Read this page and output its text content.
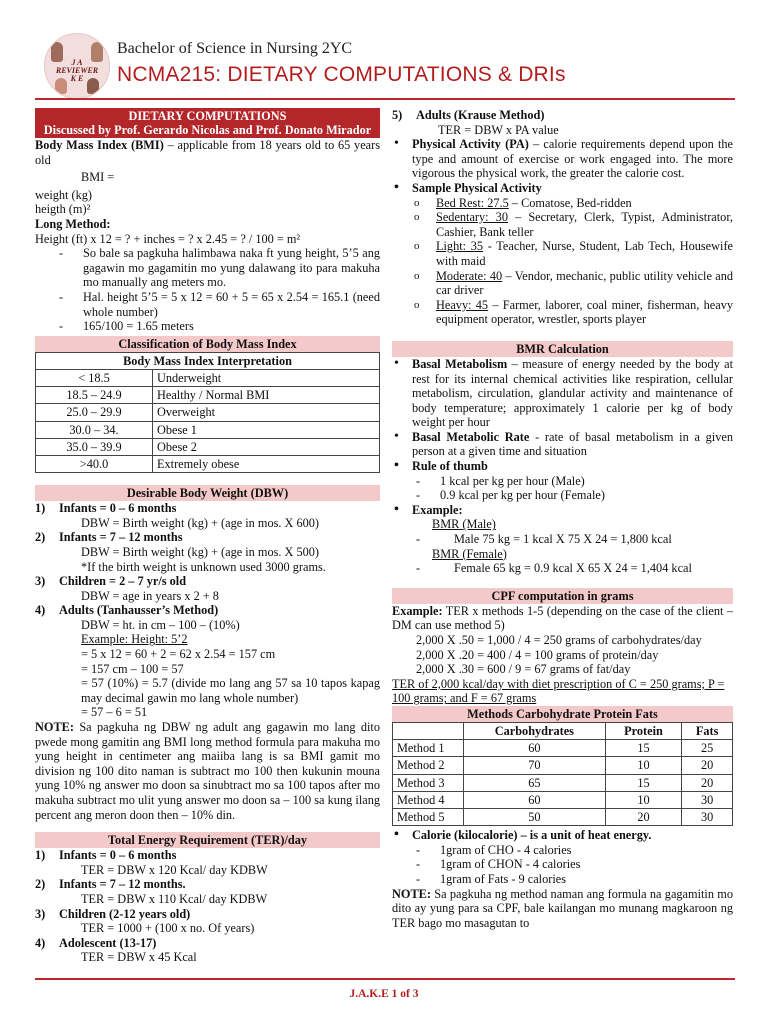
J A
REVIEWER
K E
Bachelor of Science in Nursing 2YC
NCMA215: DIETARY COMPUTATIONS & DRIs
DIETARY COMPUTATIONS
Discussed by Prof. Gerardo Nicolas and Prof. Donato Mirador

Body Mass Index (BMI) – applicable from 18 years old to 65 years old

BMI =

weight (kg)
heigth (m)²

Long Method:

Height (ft) x 12 = ? + inches = ? x 2.45 = ? / 100 = m²

- So bale sa pagkuha halimbawa naka ft yung height, 5’5 ang gagawin mo gagamitin mo yung dalawang ito para makuha mo manually ang meters mo.
- Hal. height 5’5 = 5 x 12 = 60 + 5 = 65 x 2.54 = 165.1 (need whole number)
- 165/100 = 1.65 meters
Classification of Body Mass Index
Body Mass Index Interpretation	
< 18.5	Underweight
18.5 – 24.9	Healthy / Normal BMI
25.0 – 29.9	Overweight
30.0 – 34.	Obese 1
35.0 – 39.9	Obese 2
>40.0	Extremely obese
Desirable Body Weight (DBW)
1) Infants = 0 – 6 months

DBW = Birth weight (kg) + (age in mos. X 600)

2) Infants = 7 – 12 months

DBW = Birth weight (kg) + (age in mos. X 500)

*If the birth weight is unknown used 3000 grams.

3) Children = 2 – 7 yr/s old

DBW = age in years x 2 + 8

4) Adults (Tanhausser’s Method)

DBW = ht. in cm – 100 – (10%)

Example: Height: 5’2

= 5 x 12 = 60 + 2 = 62 x 2.54 = 157 cm

= 157 cm – 100 = 57

= 57 (10%) = 5.7 (divide mo lang ang 57 sa 10 tapos kapag may decimal gawin mo lang whole number)

= 57 – 6 = 51

NOTE: Sa pagkuha ng DBW ng adult ang gagawin mo lang dito pwede mong gamitin ang BMI long method formula para makuha mo yung height in centimeter ang maiiba lang is sa BMI gamit mo division ng 100 dito naman is subtract mo 100 then kukunin mouna yung 10% ng answer mo doon sa sinubtract mo sa 100 tapos after mo makuha subtract mo ulit yung answer mo doon sa – 100 sa kung ilang percent ang meron doon then – 10% din.

Total Energy Requirement (TER)/day
1) Infants = 0 – 6 months

TER = DBW x 120 Kcal/ day KDBW

2) Infants = 7 – 12 months.

TER = DBW x 110 Kcal/ day KDBW

3) Children (2-12 years old)

TER = 1000 + (100 x no. Of years)

4) Adolescent (13-17)

TER = DBW x 45 Kcal

5) Adults (Krause Method)

TER = DBW x PA value

• Physical Activity (PA) – calorie requirements depend upon the type and amount of exercise or work engaged into. The more vigorous the physical work, the greater the calorie cost.
• Sample Physical Activity
o Bed Rest: 27.5 – Comatose, Bed-ridden
o Sedentary: 30 – Secretary, Clerk, Typist, Administrator, Cashier, Bank teller
o Light: 35 - Teacher, Nurse, Student, Lab Tech, Housewife with maid
o Moderate: 40 – Vendor, mechanic, public utility vehicle and car driver
o Heavy: 45 – Farmer, laborer, coal miner, fisherman, heavy equipment operator, wrestler, sports player
BMR Calculation
• Basal Metabolism – measure of energy needed by the body at rest for its internal chemical activities like respiration, cellular metabolism, circulation, glandular activity and maintenance of body temperature; approximately 1 calorie per kg of body weight per hour
• Basal Metabolic Rate - rate of basal metabolism in a given person at a given time and situation
• Rule of thumb
- 1 kcal per kg per hour (Male)
- 0.9 kcal per kg per hour (Female)
• Example:

BMR (Male)

- Male 75 kg = 1 kcal X 75 X 24 = 1,800 kcal

BMR (Female)

- Female 65 kg = 0.9 kcal X 65 X 24 = 1,404 kcal
CPF computation in grams

Example: TER x methods 1-5 (depending on the case of the client – DM can use method 5)

2,000 X .50 = 1,000 / 4 = 250 grams of carbohydrates/day

2,000 X .20 = 400 / 4 = 100 grams of protein/day

2,000 X .30 = 600 / 9 = 67 grams of fat/day

TER of 2,000 kcal/day with diet prescription of C = 250 grams; P = 100 grams; and F = 67 grams

Methods Carbohydrate Protein Fats
	Carbohydrates	Protein	Fats
Method 1	60	15	25
Method 2	70	10	20
Method 3	65	15	20
Method 4	60	10	30
Method 5	50	20	30
• Calorie (kilocalorie) – is a unit of heat energy.
- 1gram of CHO - 4 calories
- 1gram of CHON - 4 calories
- 1gram of Fats - 9 calories

NOTE: Sa pagkuha ng method naman ang formula na gagamitin mo dito ay yung para sa CPF, bale kailangan mo munang magkaroon ng TER bago mo masagutan to

J.A.K.E 1 of 3
